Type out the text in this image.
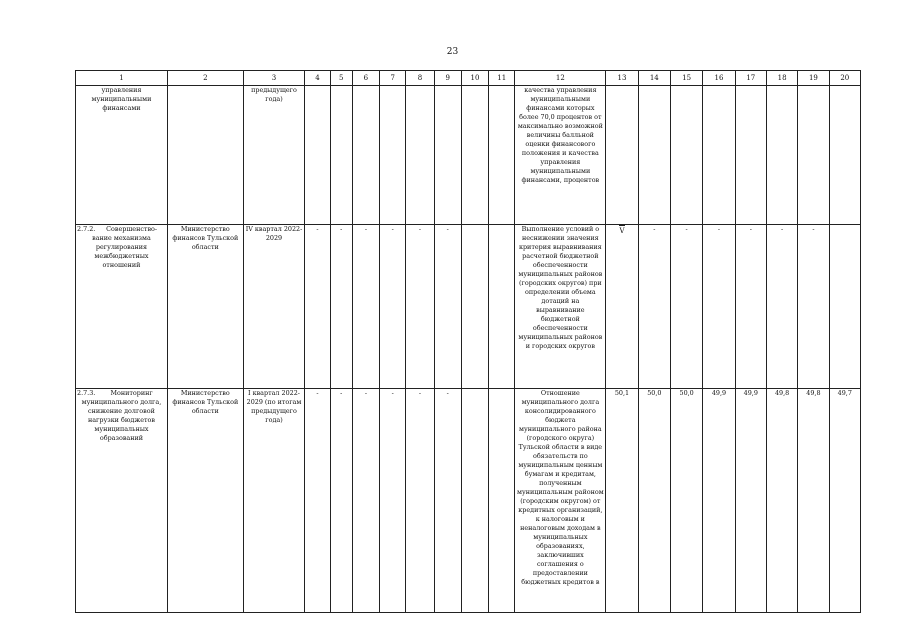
23
1	2	3	4	5	6	7	8	9	10	11	12	13	14	15	16	17	18	19	20

управления муниципальными финансами		предыдущего года)									качества управления муниципальными финансами которых более 70,0 процентов от максимально возможной величины балльной оценки финансового положения и качества управления муниципальными финансами, процентов								

2.7.2. Совершенство-вание механизма регулирования межбюджетных отношений	Министерство финансов Тульской области	IV квартал 2022-2029	-	-	-	-	-	-			Выполнение условий о неснижении значения критерия выравнивания расчетной бюджетной обеспеченности муниципальных районов (городских округов) при определении объема дотаций на выравнивание бюджетной обеспеченности муниципальных районов и городских округов	V	-	-	-	-	-	-	

2.7.3. Мониторинг муниципального долга, снижение долговой нагрузки бюджетов муниципальных образований	Министерство финансов Тульской области	I квартал 2022-2029 (по итогам предыдущего года)	-	-	-	-	-	-			Отношение муниципального долга консолидированного бюджета муниципального района (городского округа) Тульской области в виде обязательств по муниципальным ценным бумагам и кредитам, полученным муниципальным районом (городским округом) от кредитных организаций, к налоговым и неналоговым доходам в муниципальных образованиях, заключивших соглашения о предоставлении бюджетных кредитов в	50,1	50,0	50,0	49,9	49,9	49,8	49,8	49,7
